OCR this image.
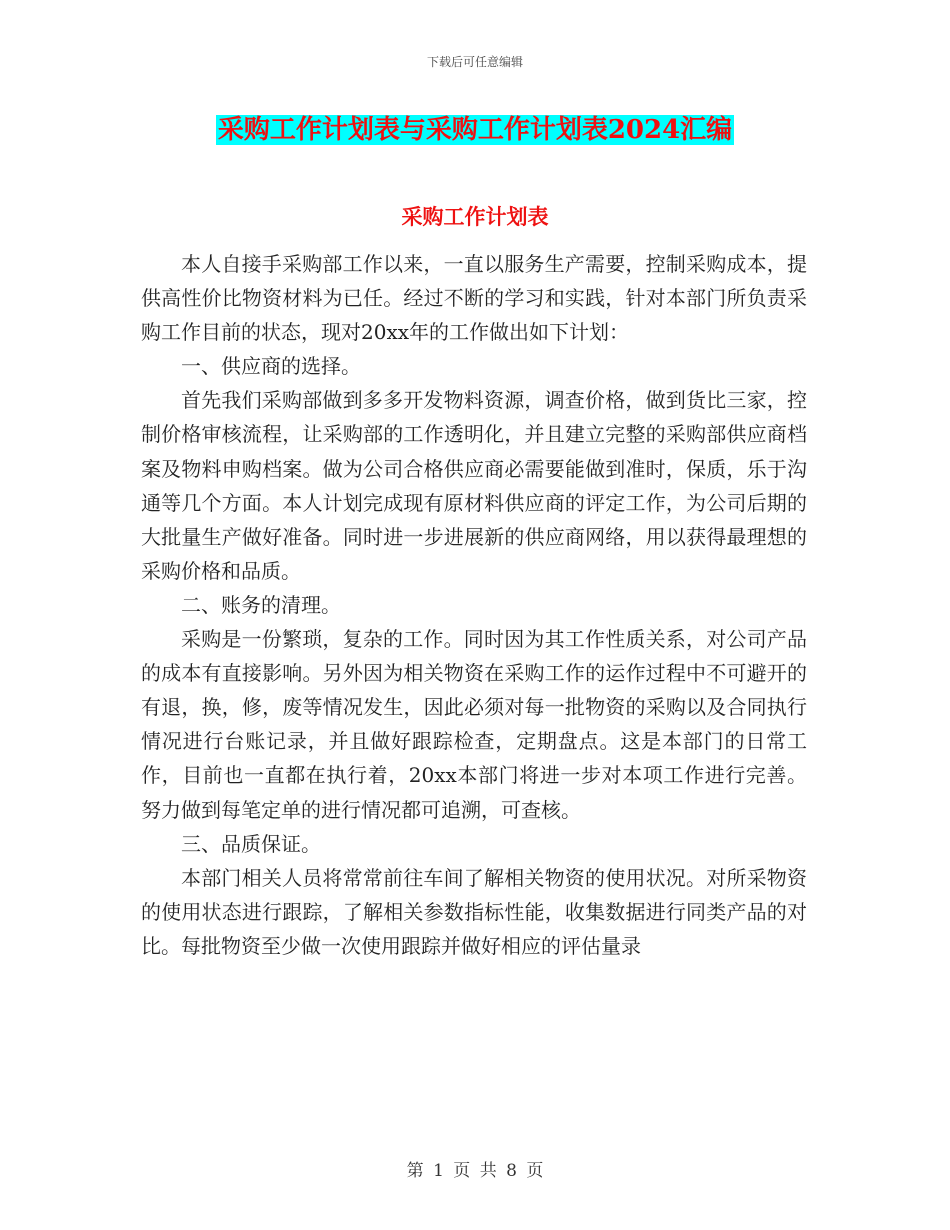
下载后可任意编辑
采购工作计划表与采购工作计划表2024汇编
采购工作计划表

本人自接手采购部工作以来，一直以服务生产需要，控制采购成本，提供高性价比物资材料为已任。经过不断的学习和实践，针对本部门所负责采购工作目前的状态，现对20xx年的工作做出如下计划：

一、供应商的选择。

首先我们采购部做到多多开发物料资源，调查价格，做到货比三家，控制价格审核流程，让采购部的工作透明化，并且建立完整的采购部供应商档案及物料申购档案。做为公司合格供应商必需要能做到准时，保质，乐于沟通等几个方面。本人计划完成现有原材料供应商的评定工作，为公司后期的大批量生产做好准备。同时进一步进展新的供应商网络，用以获得最理想的采购价格和品质。

二、账务的清理。

采购是一份繁琐，复杂的工作。同时因为其工作性质关系，对公司产品的成本有直接影响。另外因为相关物资在采购工作的运作过程中不可避开的有退，换，修，废等情况发生，因此必须对每一批物资的采购以及合同执行情况进行台账记录，并且做好跟踪检查，定期盘点。这是本部门的日常工作，目前也一直都在执行着，20xx本部门将进一步对本项工作进行完善。努力做到每笔定单的进行情况都可追溯，可查核。

三、品质保证。

本部门相关人员将常常前往车间了解相关物资的使用状况。对所采物资的使用状态进行跟踪，了解相关参数指标性能，收集数据进行同类产品的对比。每批物资至少做一次使用跟踪并做好相应的评估量录

第 1 页 共 8 页
